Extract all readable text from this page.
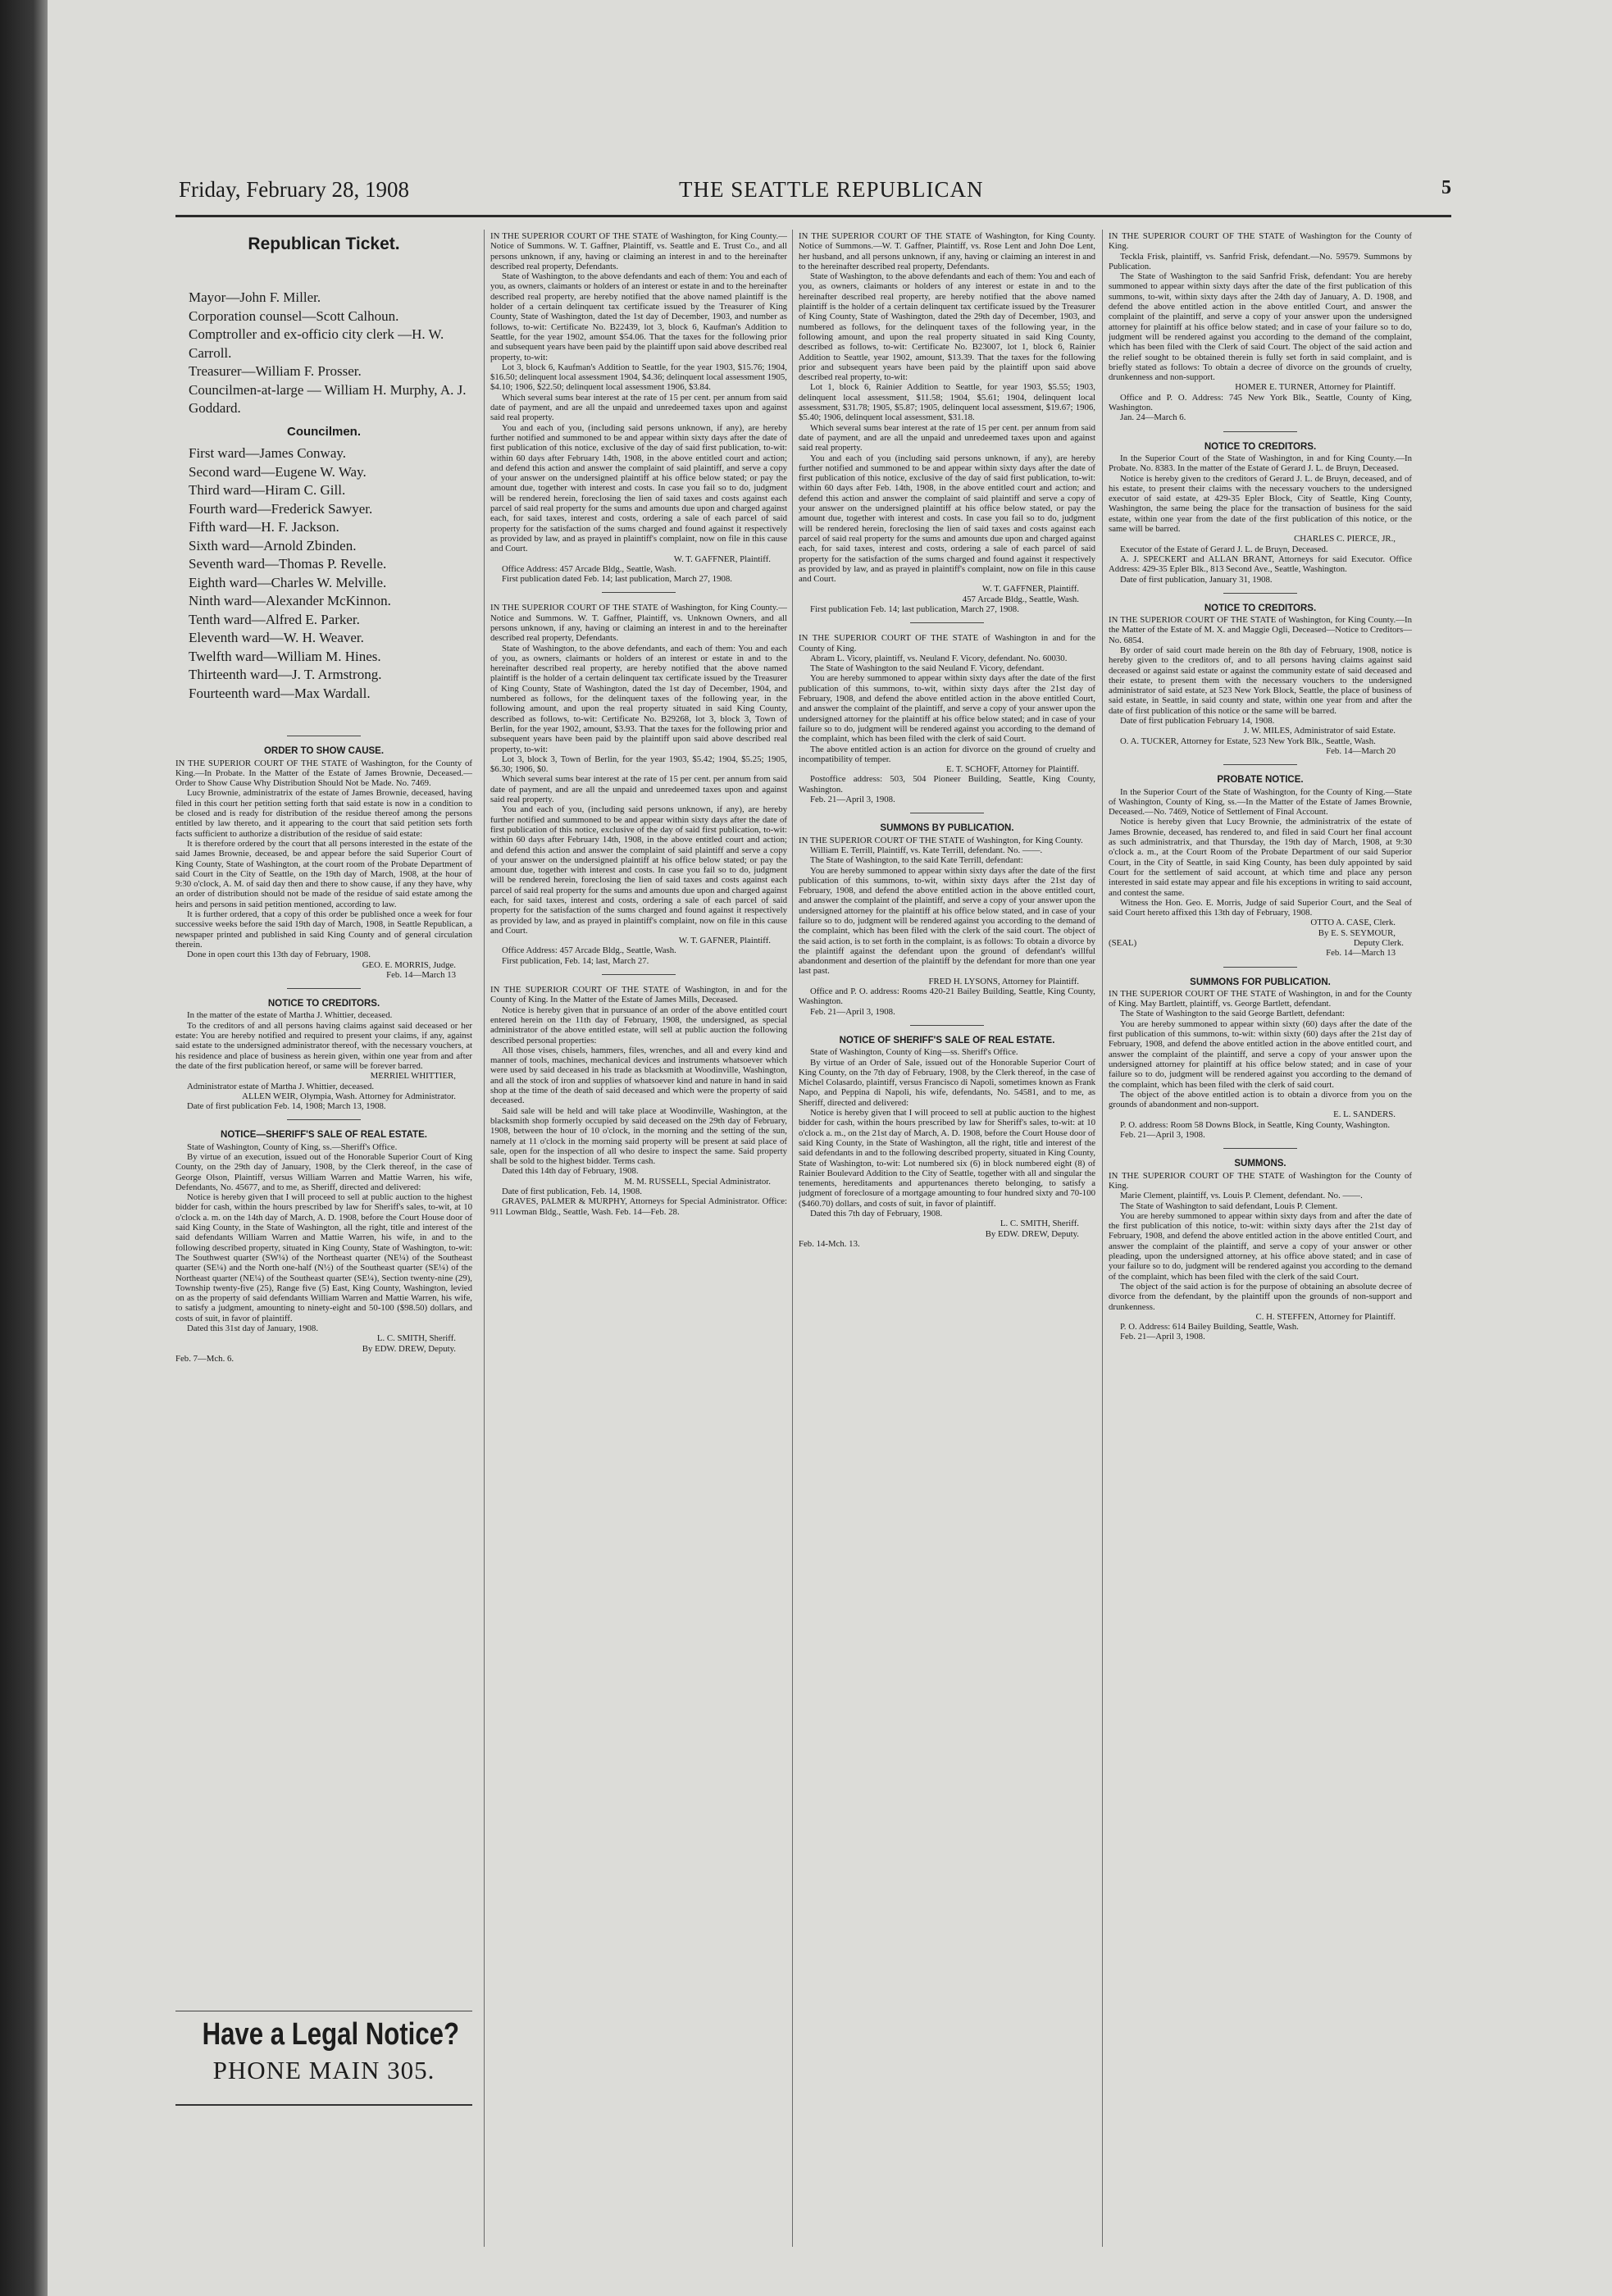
Friday, February 28, 1908	THE SEATTLE REPUBLICAN	5
Republican Ticket.

Mayor—John F. Miller.

Corporation counsel—Scott Calhoun.

Comptroller and ex-officio city clerk —H. W. Carroll.

Treasurer—William F. Prosser.

Councilmen-at-large — William H. Murphy, A. J. Goddard.

Councilmen.

First ward—James Conway.

Second ward—Eugene W. Way.

Third ward—Hiram C. Gill.

Fourth ward—Frederick Sawyer.

Fifth ward—H. F. Jackson.

Sixth ward—Arnold Zbinden.

Seventh ward—Thomas P. Revelle.

Eighth ward—Charles W. Melville.

Ninth ward—Alexander McKinnon.

Tenth ward—Alfred E. Parker.

Eleventh ward—W. H. Weaver.

Twelfth ward—William M. Hines.

Thirteenth ward—J. T. Armstrong.

Fourteenth ward—Max Wardall.

ORDER TO SHOW CAUSE.

IN THE SUPERIOR COURT OF THE STATE of Washington, for the County of King.—In Probate. In the Matter of the Estate of James Brownie, Deceased.—Order to Show Cause Why Distribution Should Not be Made. No. 7469.

Lucy Brownie, administratrix of the estate of James Brownie, deceased, having filed in this court her petition setting forth that said estate is now in a condition to be closed and is ready for distribution of the residue thereof among the persons entitled by law thereto, and it appearing to the court that said petition sets forth facts sufficient to authorize a distribution of the residue of said estate:

It is therefore ordered by the court that all persons interested in the estate of the said James Brownie, deceased, be and appear before the said Superior Court of King County, State of Washington, at the court room of the Probate Department of said Court in the City of Seattle, on the 19th day of March, 1908, at the hour of 9:30 o'clock, A. M. of said day then and there to show cause, if any they have, why an order of distribution should not be made of the residue of said estate among the heirs and persons in said petition mentioned, according to law.

It is further ordered, that a copy of this order be published once a week for four successive weeks before the said 19th day of March, 1908, in Seattle Republican, a newspaper printed and published in said King County and of general circulation therein.

Done in open court this 13th day of February, 1908.

GEO. E. MORRIS, Judge.

Feb. 14—March 13

NOTICE TO CREDITORS.

In the matter of the estate of Martha J. Whittier, deceased.

To the creditors of and all persons having claims against said deceased or her estate: You are hereby notified and required to present your claims, if any, against said estate to the undersigned administrator thereof, with the necessary vouchers, at his residence and place of business as herein given, within one year from and after the date of the first publication hereof, or same will be forever barred.

MERRIEL WHITTIER,

Administrator estate of Martha J. Whittier, deceased.

ALLEN WEIR, Olympia, Wash. Attorney for Administrator.

Date of first publication Feb. 14, 1908; March 13, 1908.

NOTICE—SHERIFF'S SALE OF REAL ESTATE.

State of Washington, County of King, ss.—Sheriff's Office.

By virtue of an execution, issued out of the Honorable Superior Court of King County, on the 29th day of January, 1908, by the Clerk thereof, in the case of George Olson, Plaintiff, versus William Warren and Mattie Warren, his wife, Defendants, No. 45677, and to me, as Sheriff, directed and delivered:

Notice is hereby given that I will proceed to sell at public auction to the highest bidder for cash, within the hours prescribed by law for Sheriff's sales, to-wit, at 10 o'clock a. m. on the 14th day of March, A. D. 1908, before the Court House door of said King County, in the State of Washington, all the right, title and interest of the said defendants William Warren and Mattie Warren, his wife, in and to the following described property, situated in King County, State of Washington, to-wit: The Southwest quarter (SW¼) of the Northeast quarter (NE¼) of the Southeast quarter (SE¼) and the North one-half (N½) of the Southeast quarter (SE¼) of the Northeast quarter (NE¼) of the Southeast quarter (SE¼), Section twenty-nine (29), Township twenty-five (25), Range five (5) East, King County, Washington, levied on as the property of said defendants William Warren and Mattie Warren, his wife, to satisfy a judgment, amounting to ninety-eight and 50-100 ($98.50) dollars, and costs of suit, in favor of plaintiff.

Dated this 31st day of January, 1908.

L. C. SMITH, Sheriff.

By EDW. DREW, Deputy.

Feb. 7—Mch. 6.

Have a Legal Notice?
PHONE MAIN 305.

IN THE SUPERIOR COURT OF THE STATE of Washington, for King County.—Notice of Summons. W. T. Gaffner, Plaintiff, vs. Seattle and E. Trust Co., and all persons unknown, if any, having or claiming an interest in and to the hereinafter described real property, Defendants.

State of Washington, to the above defendants and each of them: You and each of you, as owners, claimants or holders of an interest or estate in and to the hereinafter described real property, are hereby notified that the above named plaintiff is the holder of a certain delinquent tax certificate issued by the Treasurer of King County, State of Washington, dated the 1st day of December, 1903, and number as follows, to-wit: Certificate No. B22439, lot 3, block 6, Kaufman's Addition to Seattle, for the year 1902, amount $54.06. That the taxes for the following prior and subsequent years have been paid by the plaintiff upon said above described real property, to-wit:

Lot 3, block 6, Kaufman's Addition to Seattle, for the year 1903, $15.76; 1904, $16.50; delinquent local assessment 1904, $4.36; delinquent local assessment 1905, $4.10; 1906, $22.50; delinquent local assessment 1906, $3.84.

Which several sums bear interest at the rate of 15 per cent. per annum from said date of payment, and are all the unpaid and unredeemed taxes upon and against said real property.

You and each of you, (including said persons unknown, if any), are hereby further notified and summoned to be and appear within sixty days after the date of first publication of this notice, exclusive of the day of said first publication, to-wit: within 60 days after February 14th, 1908, in the above entitled court and action; and defend this action and answer the complaint of said plaintiff, and serve a copy of your answer on the undersigned plaintiff at his office below stated; or pay the amount due, together with interest and costs. In case you fail so to do, judgment will be rendered herein, foreclosing the lien of said taxes and costs against each parcel of said real property for the sums and amounts due upon and charged against each, for said taxes, interest and costs, ordering a sale of each parcel of said property for the satisfaction of the sums charged and found against it respectively as provided by law, and as prayed in plaintiff's complaint, now on file in this cause and Court.

W. T. GAFFNER, Plaintiff.

Office Address: 457 Arcade Bldg., Seattle, Wash.

First publication dated Feb. 14; last publication, March 27, 1908.

IN THE SUPERIOR COURT OF THE STATE of Washington, for King County.—Notice and Summons. W. T. Gaffner, Plaintiff, vs. Unknown Owners, and all persons unknown, if any, having or claiming an interest in and to the hereinafter described real property, Defendants.

State of Washington, to the above defendants, and each of them: You and each of you, as owners, claimants or holders of an interest or estate in and to the hereinafter described real property, are hereby notified that the above named plaintiff is the holder of a certain delinquent tax certificate issued by the Treasurer of King County, State of Washington, dated the 1st day of December, 1904, and numbered as follows, for the delinquent taxes of the following year, in the following amount, and upon the real property situated in said King County, described as follows, to-wit: Certificate No. B29268, lot 3, block 3, Town of Berlin, for the year 1902, amount, $3.93. That the taxes for the following prior and subsequent years have been paid by the plaintiff upon said above described real property, to-wit:

Lot 3, block 3, Town of Berlin, for the year 1903, $5.42; 1904, $5.25; 1905, $6.30; 1906, $0.

Which several sums bear interest at the rate of 15 per cent. per annum from said date of payment, and are all the unpaid and unredeemed taxes upon and against said real property.

You and each of you, (including said persons unknown, if any), are hereby further notified and summoned to be and appear within sixty days after the date of first publication of this notice, exclusive of the day of said first publication, to-wit: within 60 days after February 14th, 1908, in the above entitled court and action; and defend this action and answer the complaint of said plaintiff and serve a copy of your answer on the undersigned plaintiff at his office below stated; or pay the amount due, together with interest and costs. In case you fail so to do, judgment will be rendered herein, foreclosing the lien of said taxes and costs against each parcel of said real property for the sums and amounts due upon and charged against each, for said taxes, interest and costs, ordering a sale of each parcel of said property for the satisfaction of the sums charged and found against it respectively as provided by law, and as prayed in plaintiff's complaint, now on file in this cause and Court.

W. T. GAFNER, Plaintiff.

Office Address: 457 Arcade Bldg., Seattle, Wash.

First publication, Feb. 14; last, March 27.

IN THE SUPERIOR COURT OF THE STATE of Washington, in and for the County of King. In the Matter of the Estate of James Mills, Deceased.

Notice is hereby given that in pursuance of an order of the above entitled court entered herein on the 11th day of February, 1908, the undersigned, as special administrator of the above entitled estate, will sell at public auction the following described personal properties:

All those vises, chisels, hammers, files, wrenches, and all and every kind and manner of tools, machines, mechanical devices and instruments whatsoever which were used by said deceased in his trade as blacksmith at Woodinville, Washington, and all the stock of iron and supplies of whatsoever kind and nature in hand in said shop at the time of the death of said deceased and which were the property of said deceased.

Said sale will be held and will take place at Woodinville, Washington, at the blacksmith shop formerly occupied by said deceased on the 29th day of February, 1908, between the hour of 10 o'clock, in the morning and the setting of the sun, namely at 11 o'clock in the morning said property will be present at said place of sale, open for the inspection of all who desire to inspect the same. Said property shall be sold to the highest bidder. Terms cash.

Dated this 14th day of February, 1908.

M. M. RUSSELL, Special Administrator.

Date of first publication, Feb. 14, 1908.

GRAVES, PALMER & MURPHY, Attorneys for Special Administrator. Office: 911 Lowman Bldg., Seattle, Wash. Feb. 14—Feb. 28.

IN THE SUPERIOR COURT OF THE STATE of Washington, for King County. Notice of Summons.—W. T. Gaffner, Plaintiff, vs. Rose Lent and John Doe Lent, her husband, and all persons unknown, if any, having or claiming an interest in and to the hereinafter described real property, Defendants.

State of Washington, to the above defendants and each of them: You and each of you, as owners, claimants or holders of any interest or estate in and to the hereinafter described real property, are hereby notified that the above named plaintiff is the holder of a certain delinquent tax certificate issued by the Treasurer of King County, State of Washington, dated the 29th day of December, 1903, and numbered as follows, for the delinquent taxes of the following year, in the following amount, and upon the real property situated in said King County, described as follows, to-wit: Certificate No. B23007, lot 1, block 6, Rainier Addition to Seattle, year 1902, amount, $13.39. That the taxes for the following prior and subsequent years have been paid by the plaintiff upon said above described real property, to-wit:

Lot 1, block 6, Rainier Addition to Seattle, for year 1903, $5.55; 1903, delinquent local assessment, $11.58; 1904, $5.61; 1904, delinquent local assessment, $31.78; 1905, $5.87; 1905, delinquent local assessment, $19.67; 1906, $5.40; 1906, delinquent local assessment, $31.18.

Which several sums bear interest at the rate of 15 per cent. per annum from said date of payment, and are all the unpaid and unredeemed taxes upon and against said real property.

You and each of you (including said persons unknown, if any), are hereby further notified and summoned to be and appear within sixty days after the date of first publication of this notice, exclusive of the day of said first publication, to-wit: within 60 days after Feb. 14th, 1908, in the above entitled court and action; and defend this action and answer the complaint of said plaintiff and serve a copy of your answer on the undersigned plaintiff at his office below stated, or pay the amount due, together with interest and costs. In case you fail so to do, judgment will be rendered herein, foreclosing the lien of said taxes and costs against each parcel of said real property for the sums and amounts due upon and charged against each, for said taxes, interest and costs, ordering a sale of each parcel of said property for the satisfaction of the sums charged and found against it respectively as provided by law, and as prayed in plaintiff's complaint, now on file in this cause and Court.

W. T. GAFFNER, Plaintiff.

457 Arcade Bldg., Seattle, Wash.

First publication Feb. 14; last publication, March 27, 1908.

IN THE SUPERIOR COURT OF THE STATE of Washington in and for the County of King.

Abram L. Vicory, plaintiff, vs. Neuland F. Vicory, defendant. No. 60030.

The State of Washington to the said Neuland F. Vicory, defendant.

You are hereby summoned to appear within sixty days after the date of the first publication of this summons, to-wit, within sixty days after the 21st day of February, 1908, and defend the above entitled action in the above entitled Court, and answer the complaint of the plaintiff, and serve a copy of your answer upon the undersigned attorney for the plaintiff at his office below stated; and in case of your failure so to do, judgment will be rendered against you according to the demand of the complaint, which has been filed with the clerk of said Court.

The above entitled action is an action for divorce on the ground of cruelty and incompatibility of temper.

E. T. SCHOFF, Attorney for Plaintiff.

Postoffice address: 503, 504 Pioneer Building, Seattle, King County, Washington.

Feb. 21—April 3, 1908.

SUMMONS BY PUBLICATION.

IN THE SUPERIOR COURT OF THE STATE of Washington, for King County.

William E. Terrill, Plaintiff, vs. Kate Terrill, defendant. No. ——.

The State of Washington, to the said Kate Terrill, defendant:

You are hereby summoned to appear within sixty days after the date of the first publication of this summons, to-wit, within sixty days after the 21st day of February, 1908, and defend the above entitled action in the above entitled court, and answer the complaint of the plaintiff, and serve a copy of your answer upon the undersigned attorney for the plaintiff at his office below stated, and in case of your failure so to do, judgment will be rendered against you according to the demand of the complaint, which has been filed with the clerk of the said court. The object of the said action, is to set forth in the complaint, is as follows: To obtain a divorce by the plaintiff against the defendant upon the ground of defendant's willful abandonment and desertion of the plaintiff by the defendant for more than one year last past.

FRED H. LYSONS, Attorney for Plaintiff.

Office and P. O. address: Rooms 420-21 Bailey Building, Seattle, King County, Washington.

Feb. 21—April 3, 1908.

NOTICE OF SHERIFF'S SALE OF REAL ESTATE.

State of Washington, County of King—ss. Sheriff's Office.

By virtue of an Order of Sale, issued out of the Honorable Superior Court of King County, on the 7th day of February, 1908, by the Clerk thereof, in the case of Michel Colasardo, plaintiff, versus Francisco di Napoli, sometimes known as Frank Napo, and Peppina di Napoli, his wife, defendants, No. 54581, and to me, as Sheriff, directed and delivered:

Notice is hereby given that I will proceed to sell at public auction to the highest bidder for cash, within the hours prescribed by law for Sheriff's sales, to-wit: at 10 o'clock a. m., on the 21st day of March, A. D. 1908, before the Court House door of said King County, in the State of Washington, all the right, title and interest of the said defendants in and to the following described property, situated in King County, State of Washington, to-wit: Lot numbered six (6) in block numbered eight (8) of Rainier Boulevard Addition to the City of Seattle, together with all and singular the tenements, hereditaments and appurtenances thereto belonging, to satisfy a judgment of foreclosure of a mortgage amounting to four hundred sixty and 70-100 ($460.70) dollars, and costs of suit, in favor of plaintiff.

Dated this 7th day of February, 1908.

L. C. SMITH, Sheriff.

By EDW. DREW, Deputy.

Feb. 14-Mch. 13.

IN THE SUPERIOR COURT OF THE STATE of Washington for the County of King.

Teckla Frisk, plaintiff, vs. Sanfrid Frisk, defendant.—No. 59579. Summons by Publication.

The State of Washington to the said Sanfrid Frisk, defendant: You are hereby summoned to appear within sixty days after the date of the first publication of this summons, to-wit, within sixty days after the 24th day of January, A. D. 1908, and defend the above entitled action in the above entitled Court, and answer the complaint of the plaintiff, and serve a copy of your answer upon the undersigned attorney for plaintiff at his office below stated; and in case of your failure so to do, judgment will be rendered against you according to the demand of the complaint, which has been filed with the Clerk of said Court. The object of the said action and the relief sought to be obtained therein is fully set forth in said complaint, and is briefly stated as follows: To obtain a decree of divorce on the grounds of cruelty, drunkenness and non-support.

HOMER E. TURNER, Attorney for Plaintiff.

Office and P. O. Address: 745 New York Blk., Seattle, County of King, Washington.

Jan. 24—March 6.

NOTICE TO CREDITORS.

In the Superior Court of the State of Washington, in and for King County.—In Probate. No. 8383. In the matter of the Estate of Gerard J. L. de Bruyn, Deceased.

Notice is hereby given to the creditors of Gerard J. L. de Bruyn, deceased, and of his estate, to present their claims with the necessary vouchers to the undersigned executor of said estate, at 429-35 Epler Block, City of Seattle, King County, Washington, the same being the place for the transaction of business for the said estate, within one year from the date of the first publication of this notice, or the same will be barred.

CHARLES C. PIERCE, JR.,

Executor of the Estate of Gerard J. L. de Bruyn, Deceased.

A. J. SPECKERT and ALLAN BRANT, Attorneys for said Executor. Office Address: 429-35 Epler Blk., 813 Second Ave., Seattle, Washington.

Date of first publication, January 31, 1908.

NOTICE TO CREDITORS.

IN THE SUPERIOR COURT OF THE STATE of Washington, for King County.—In the Matter of the Estate of M. X. and Maggie Ogli, Deceased—Notice to Creditors—No. 6854.

By order of said court made herein on the 8th day of February, 1908, notice is hereby given to the creditors of, and to all persons having claims against said deceased or against said estate or against the community estate of said deceased and their estate, to present them with the necessary vouchers to the undersigned administrator of said estate, at 523 New York Block, Seattle, the place of business of said estate, in Seattle, in said county and state, within one year from and after the date of first publication of this notice or the same will be barred.

Date of first publication February 14, 1908.

J. W. MILES, Administrator of said Estate.

O. A. TUCKER, Attorney for Estate, 523 New York Blk., Seattle, Wash.

Feb. 14—March 20

PROBATE NOTICE.

In the Superior Court of the State of Washington, for the County of King.—State of Washington, County of King, ss.—In the Matter of the Estate of James Brownie, Deceased.—No. 7469, Notice of Settlement of Final Account.

Notice is hereby given that Lucy Brownie, the administratrix of the estate of James Brownie, deceased, has rendered to, and filed in said Court her final account as such administratrix, and that Thursday, the 19th day of March, 1908, at 9:30 o'clock a. m., at the Court Room of the Probate Department of our said Superior Court, in the City of Seattle, in said King County, has been duly appointed by said Court for the settlement of said account, at which time and place any person interested in said estate may appear and file his exceptions in writing to said account, and contest the same.

Witness the Hon. Geo. E. Morris, Judge of said Superior Court, and the Seal of said Court hereto affixed this 13th day of February, 1908.

OTTO A. CASE, Clerk.

By E. S. SEYMOUR,

(SEAL)	Deputy Clerk.

Feb. 14—March 13

SUMMONS FOR PUBLICATION.

IN THE SUPERIOR COURT OF THE STATE of Washington, in and for the County of King. May Bartlett, plaintiff, vs. George Bartlett, defendant.

The State of Washington to the said George Bartlett, defendant:

You are hereby summoned to appear within sixty (60) days after the date of the first publication of this summons, to-wit: within sixty (60) days after the 21st day of February, 1908, and defend the above entitled action in the above entitled court, and answer the complaint of the plaintiff, and serve a copy of your answer upon the undersigned attorney for plaintiff at his office below stated; and in case of your failure so to do, judgment will be rendered against you according to the demand of the complaint, which has been filed with the clerk of said court.

The object of the above entitled action is to obtain a divorce from you on the grounds of abandonment and non-support.

E. L. SANDERS.

P. O. address: Room 58 Downs Block, in Seattle, King County, Washington.

Feb. 21—April 3, 1908.

SUMMONS.

IN THE SUPERIOR COURT OF THE STATE of Washington for the County of King.

Marie Clement, plaintiff, vs. Louis P. Clement, defendant. No. ——.

The State of Washington to said defendant, Louis P. Clement.

You are hereby summoned to appear within sixty days from and after the date of the first publication of this notice, to-wit: within sixty days after the 21st day of February, 1908, and defend the above entitled action in the above entitled Court, and answer the complaint of the plaintiff, and serve a copy of your answer or other pleading, upon the undersigned attorney, at his office above stated; and in case of your failure so to do, judgment will be rendered against you according to the demand of the complaint, which has been filed with the clerk of the said Court.

The object of the said action is for the purpose of obtaining an absolute decree of divorce from the defendant, by the plaintiff upon the grounds of non-support and drunkenness.

C. H. STEFFEN, Attorney for Plaintiff.

P. O. Address: 614 Bailey Building, Seattle, Wash.

Feb. 21—April 3, 1908.
